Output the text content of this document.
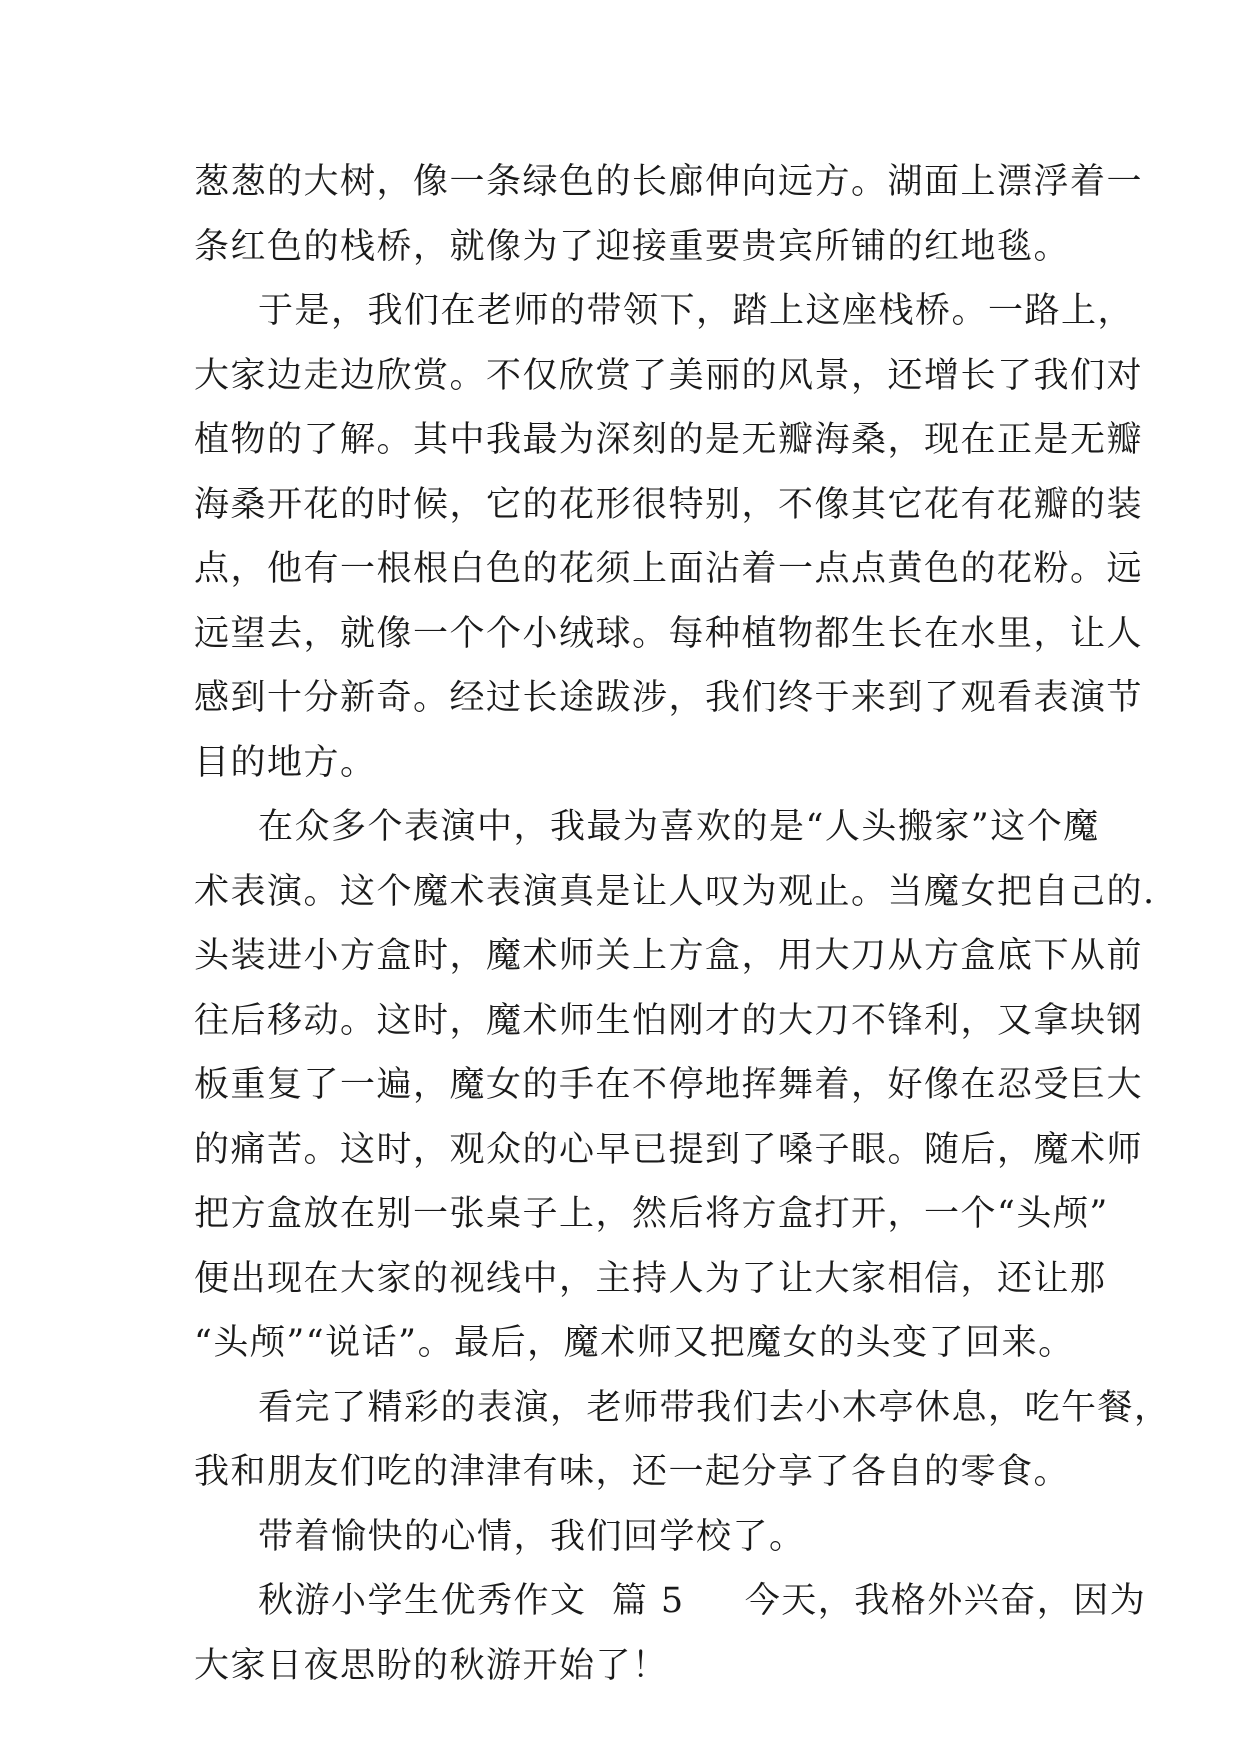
葱葱的大树，像一条绿色的长廊伸向远方。湖面上漂浮着一
条红色的栈桥，就像为了迎接重要贵宾所铺的红地毯。
于是，我们在老师的带领下，踏上这座栈桥。一路上，
大家边走边欣赏。不仅欣赏了美丽的风景，还增长了我们对
植物的了解。其中我最为深刻的是无瓣海桑，现在正是无瓣
海桑开花的时候，它的花形很特别，不像其它花有花瓣的装
点，他有一根根白色的花须上面沾着一点点黄色的花粉。远
远望去，就像一个个小绒球。每种植物都生长在水里，让人
感到十分新奇。经过长途跋涉，我们终于来到了观看表演节
目的地方。
在众多个表演中，我最为喜欢的是“人头搬家”这个魔
术表演。这个魔术表演真是让人叹为观止。当魔女把自己的.
头装进小方盒时，魔术师关上方盒，用大刀从方盒底下从前
往后移动。这时，魔术师生怕刚才的大刀不锋利，又拿块钢
板重复了一遍，魔女的手在不停地挥舞着，好像在忍受巨大
的痛苦。这时，观众的心早已提到了嗓子眼。随后，魔术师
把方盒放在别一张桌子上，然后将方盒打开，一个“头颅”
便出现在大家的视线中，主持人为了让大家相信，还让那
“头颅”“说话”。最后，魔术师又把魔女的头变了回来。
看完了精彩的表演，老师带我们去小木亭休息，吃午餐，
我和朋友们吃的津津有味，还一起分享了各自的零食。
带着愉快的心情，我们回学校了。
秋游小学生优秀作文 篇 5 今天，我格外兴奋，因为
大家日夜思盼的秋游开始了！
